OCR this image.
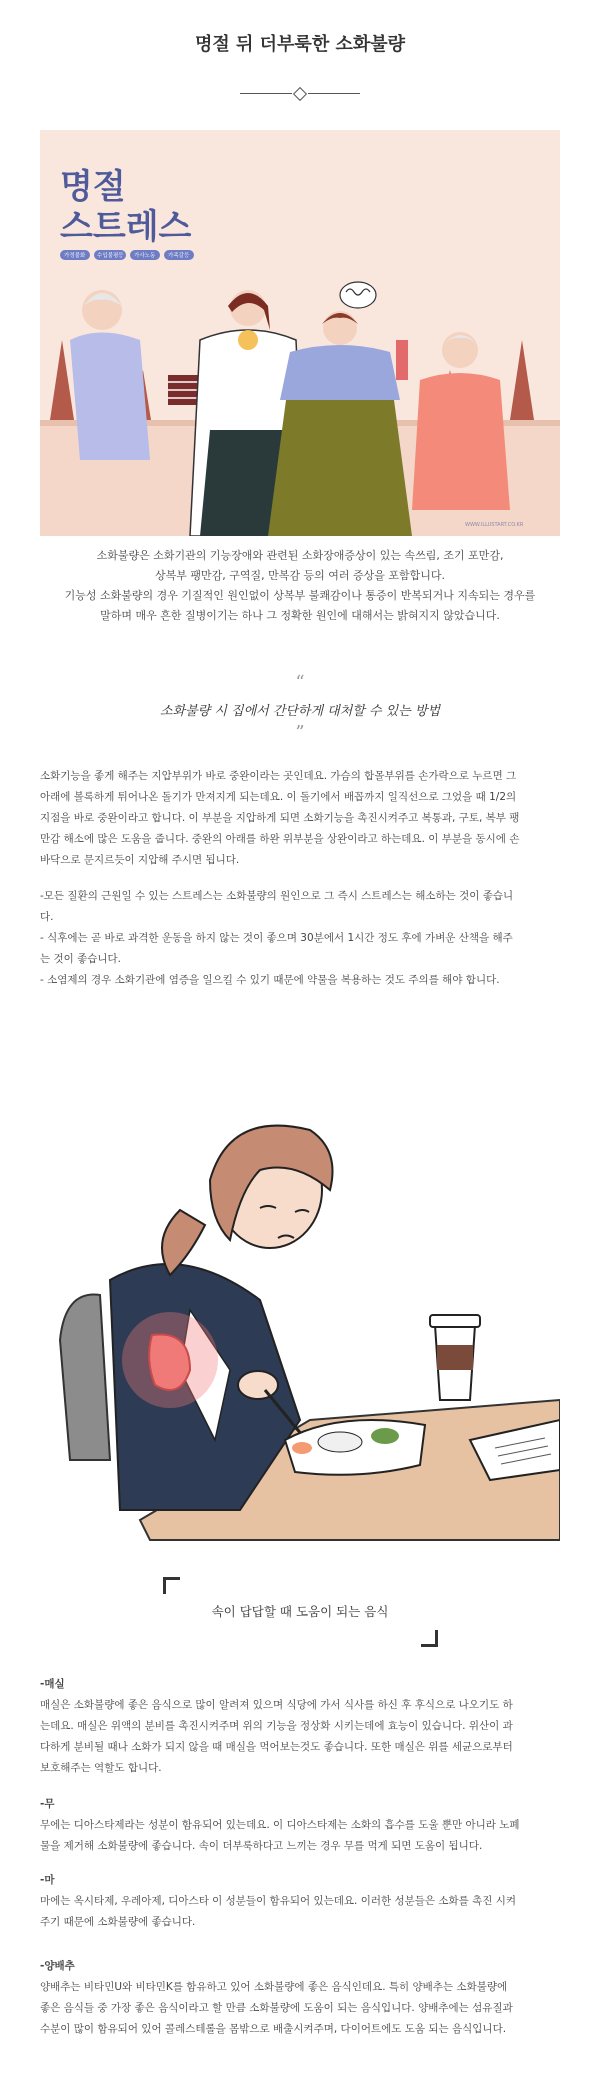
명절 뒤 더부룩한 소화불량
명절
스트레스
가정불화 수입불평등 가사노동 가족갈등
WWW.ILLUSTART.CO.KR
소화불량은 소화기관의 기능장애와 관련된 소화장애증상이 있는 속쓰림, 조기 포만감,
상복부 팽만감, 구역질, 만복감 등의 여러 증상을 포함합니다.
기능성 소화불량의 경우 기질적인 원인없이 상복부 불쾌감이나 통증이 반복되거나 지속되는 경우를
말하며 매우 흔한 질병이기는 하나 그 정확한 원인에 대해서는 밝혀지지 않았습니다.
“
소화불량 시 집에서 간단하게 대처할 수 있는 방법
”
소화기능을 좋게 해주는 지압부위가 바로 중완이라는 곳인데요. 가슴의 합몰부위를 손가락으로 누르면 그
아래에 볼록하게 튀어나온 돌기가 만져지게 되는데요. 이 돌기에서 배꼽까지 일직선으로 그었을 때 1/2의
지점을 바로 중완이라고 합니다. 이 부분을 지압하게 되면 소화기능을 촉진시켜주고 복통과, 구토, 복부 팽
만감 해소에 많은 도움을 줍니다. 중완의 아래를 하완 위부분을 상완이라고 하는데요. 이 부분을 동시에 손
바닥으로 문지르듯이 지압해 주시면 됩니다.
-모든 질환의 근원일 수 있는 스트레스는 소화불량의 원인으로 그 즉시 스트레스는 해소하는 것이 좋습니
다.
- 식후에는 곧 바로 과격한 운동을 하지 않는 것이 좋으며 30분에서 1시간 정도 후에 가벼운 산책을 해주
는 것이 좋습니다.
- 소염제의 경우 소화기관에 염증을 일으킬 수 있기 때문에 약물을 복용하는 것도 주의를 해야 합니다.
속이 답답할 때 도움이 되는 음식
-매실
매실은 소화불량에 좋은 음식으로 많이 알려져 있으며 식당에 가서 식사를 하신 후 후식으로 나오기도 하
는데요. 매실은 위액의 분비를 촉진시켜주며 위의 기능을 정상화 시키는데에 효능이 있습니다. 위산이 과
다하게 분비될 때나 소화가 되지 않을 때 매실을 먹어보는것도 좋습니다. 또한 매실은 위를 세균으로부터
보호해주는 역할도 합니다.
-무
무에는 디아스타제라는 성분이 함유되어 있는데요. 이 디아스타제는 소화의 흡수를 도울 뿐만 아니라 노폐
물을 제거해 소화불량에 좋습니다. 속이 더부룩하다고 느끼는 경우 무를 먹게 되면 도움이 됩니다.
-마
마에는 옥시타제, 우레아제, 디아스타 이 성분들이 함유되어 있는데요. 이러한 성분들은 소화를 촉진 시켜
주기 때문에 소화불량에 좋습니다.
-양배추
양배추는 비타민U와 비타민K를 함유하고 있어 소화불량에 좋은 음식인데요. 특히 양배추는 소화불량에
좋은 음식들 중 가장 좋은 음식이라고 할 만큼 소화불량에 도움이 되는 음식입니다. 양배추에는 섬유질과
수분이 많이 함유되어 있어 콜레스테롤을 몸밖으로 배출시켜주며, 다이어트에도 도움 되는 음식입니다.
